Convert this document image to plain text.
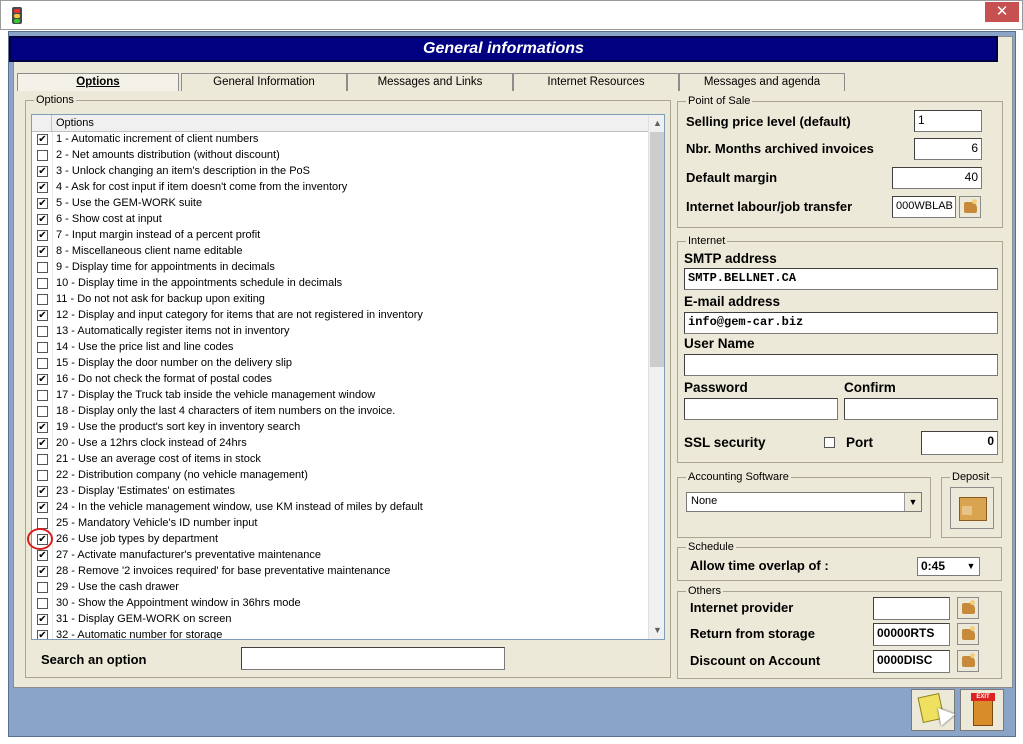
✕
General informations
Options	General Information	Messages and Links	Internet Resources	Messages and agenda
Options
Options
✔ 1 - Automatic increment of client numbers
2 - Net amounts distribution (without discount)
✔ 3 - Unlock changing an item's description in the PoS
✔ 4 - Ask for cost input if item doesn't come from the inventory
✔ 5 - Use the GEM-WORK suite
✔ 6 - Show cost at input
✔ 7 - Input margin instead of a percent profit
✔ 8 - Miscellaneous client name editable
9 - Display time for appointments in decimals
10 - Display time in the appointments schedule in decimals
11 - Do not not ask for backup upon exiting
✔ 12 - Display and input category for items that are not registered in inventory
13 - Automatically register items not in inventory
14 - Use the price list and line codes
15 - Display the door number on the delivery slip
✔ 16 - Do not check the format of postal codes
17 - Display the Truck tab inside the vehicle management window
18 - Display only the last 4 characters of item numbers on the invoice.
✔ 19 - Use the product's sort key in inventory search
✔ 20 - Use a 12hrs clock instead of 24hrs
21 - Use an average cost of items in stock
22 - Distribution company (no vehicle management)
✔ 23 - Display 'Estimates' on estimates
✔ 24 - In the vehicle management window, use KM instead of miles by default
25 - Mandatory Vehicle's ID number input
✔ 26 - Use job types by department
✔ 27 - Activate manufacturer's preventative maintenance
✔ 28 - Remove '2 invoices required' for base preventative maintenance
29 - Use the cash drawer
30 - Show the Appointment window in 36hrs mode
✔ 31 - Display GEM-WORK on screen
✔ 32 - Automatic number for storage
▲
▼
Search an option
Point of Sale
Selling price level (default)	1
Nbr. Months archived invoices	6
Default margin	40
Internet labour/job transfer	000WBLAB
Internet
SMTP address
SMTP.BELLNET.CA
E-mail address
info@gem-car.biz
User Name
Password	Confirm
SSL security	Port	0
Accounting Software
None	▼
Deposit
Schedule
Allow time overlap of :	0:45	▼
Others
Internet provider
Return from storage	00000RTS
Discount on Account	0000DISC
EXIT
